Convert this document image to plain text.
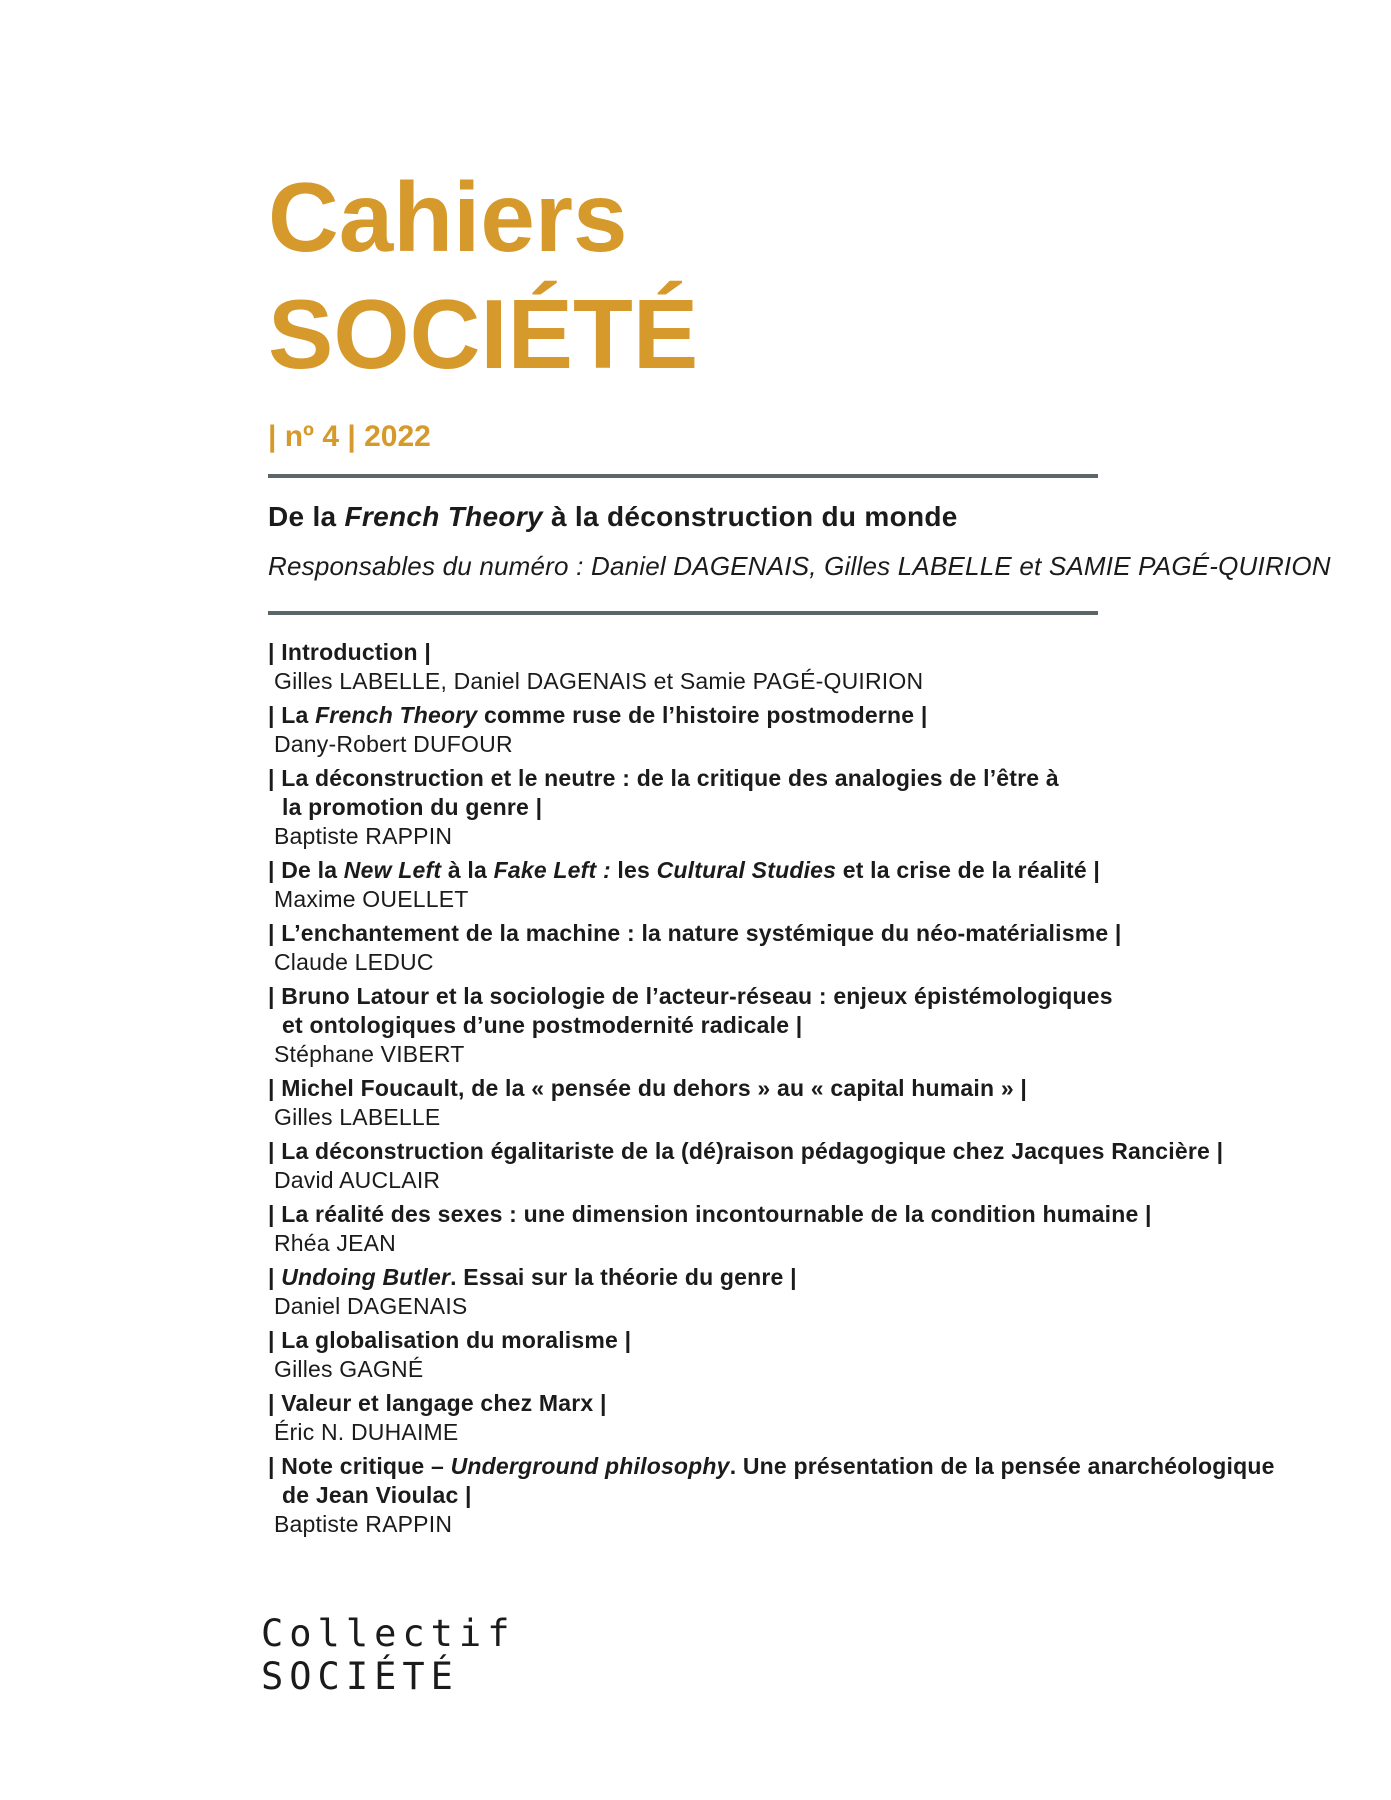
Cahiers
SOCIÉTÉ
| nº 4 | 2022
De la French Theory à la déconstruction du monde
Responsables du numéro : Daniel DAGENAIS, Gilles LABELLE et SAMIE PAGÉ-QUIRION
| Introduction |
Gilles LABELLE, Daniel DAGENAIS et Samie PAGÉ-QUIRION
| La French Theory comme ruse de l’histoire postmoderne |
Dany-Robert DUFOUR
| La déconstruction et le neutre : de la critique des analogies de l’être à
la promotion du genre |
Baptiste RAPPIN
| De la New Left à la Fake Left : les Cultural Studies et la crise de la réalité |
Maxime OUELLET
| L’enchantement de la machine : la nature systémique du néo-matérialisme |
Claude LEDUC
| Bruno Latour et la sociologie de l’acteur-réseau : enjeux épistémologiques
et ontologiques d’une postmodernité radicale |
Stéphane VIBERT
| Michel Foucault, de la « pensée du dehors » au « capital humain » |
Gilles LABELLE
| La déconstruction égalitariste de la (dé)raison pédagogique chez Jacques Rancière |
David AUCLAIR
| La réalité des sexes : une dimension incontournable de la condition humaine |
Rhéa JEAN
| Undoing Butler. Essai sur la théorie du genre |
Daniel DAGENAIS
| La globalisation du moralisme |
Gilles GAGNÉ
| Valeur et langage chez Marx |
Éric N. DUHAIME
| Note critique – Underground philosophy. Une présentation de la pensée anarchéologique
de Jean Vioulac |
Baptiste RAPPIN
Collectif
SOCIÉTÉ
